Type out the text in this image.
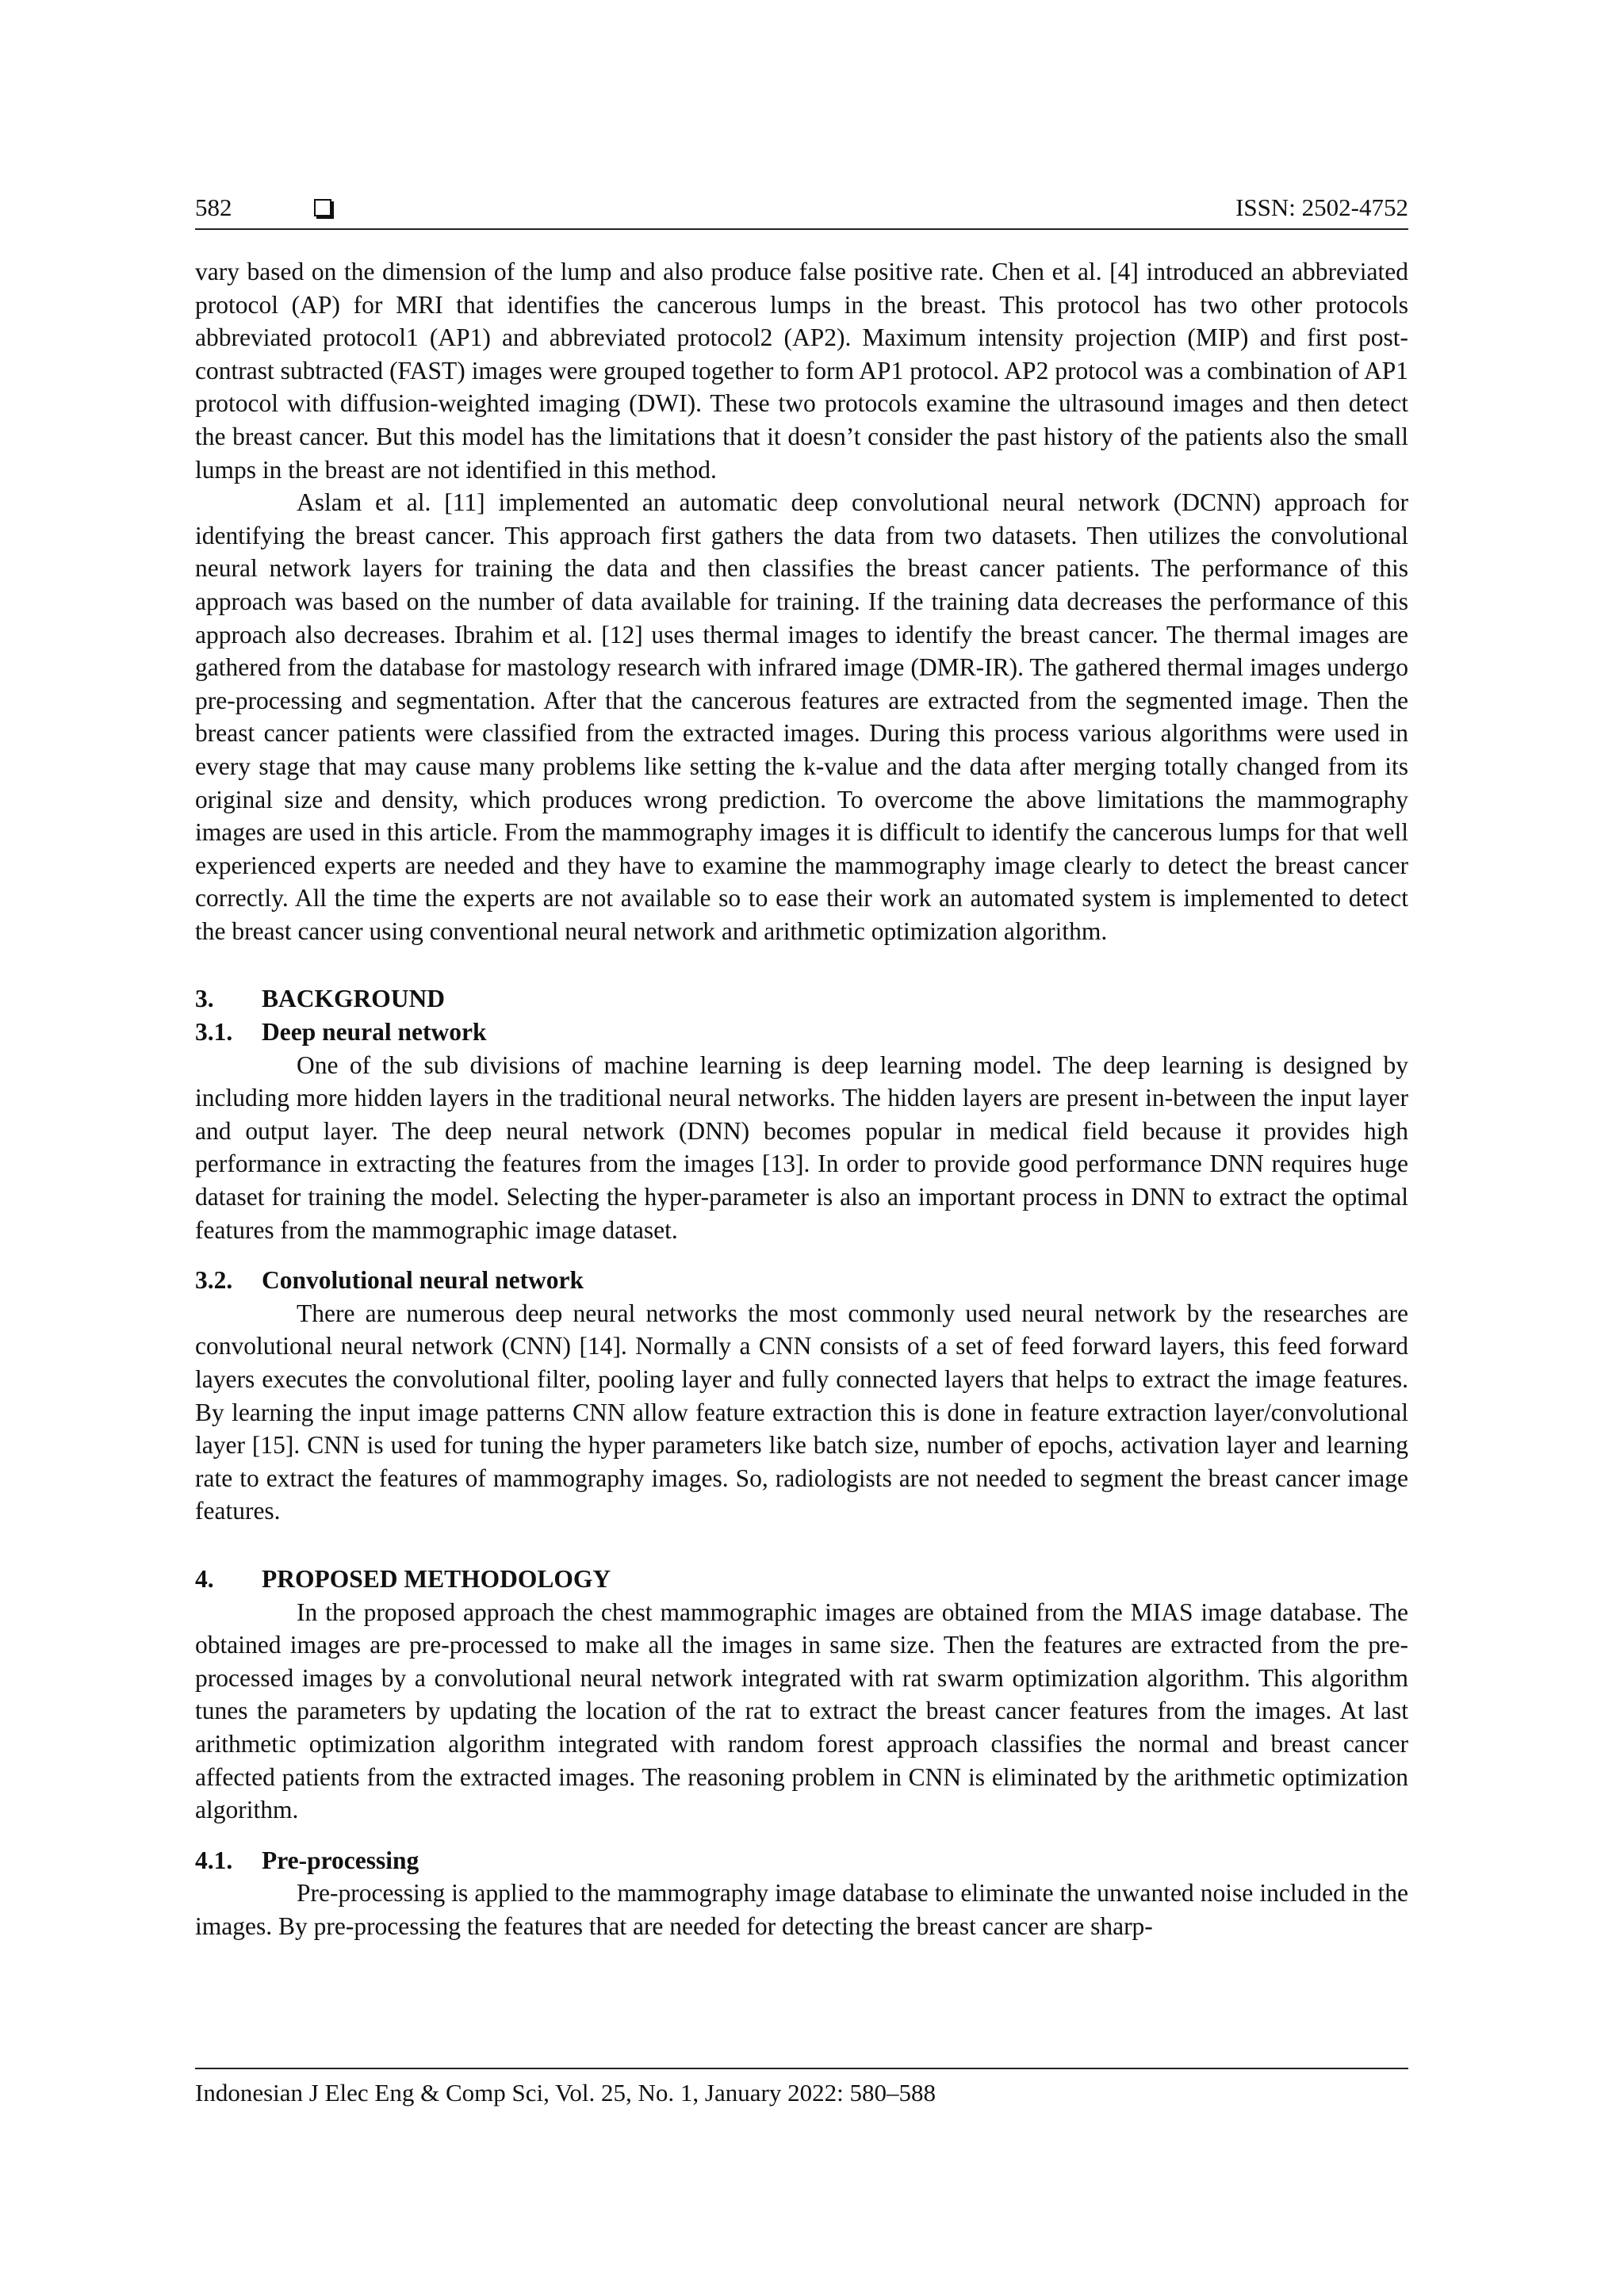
582	ISSN: 2502-4752

vary based on the dimension of the lump and also produce false positive rate. Chen et al. [4] introduced an abbreviated protocol (AP) for MRI that identifies the cancerous lumps in the breast. This protocol has two other protocols abbreviated protocol1 (AP1) and abbreviated protocol2 (AP2). Maximum intensity projection (MIP) and first post-contrast subtracted (FAST) images were grouped together to form AP1 protocol. AP2 protocol was a combination of AP1 protocol with diffusion-weighted imaging (DWI). These two protocols examine the ultrasound images and then detect the breast cancer. But this model has the limitations that it doesn’t consider the past history of the patients also the small lumps in the breast are not identified in this method.

Aslam et al. [11] implemented an automatic deep convolutional neural network (DCNN) approach for identifying the breast cancer. This approach first gathers the data from two datasets. Then utilizes the convolutional neural network layers for training the data and then classifies the breast cancer patients. The performance of this approach was based on the number of data available for training. If the training data decreases the performance of this approach also decreases. Ibrahim et al. [12] uses thermal images to identify the breast cancer. The thermal images are gathered from the database for mastology research with infrared image (DMR-IR). The gathered thermal images undergo pre-processing and segmentation. After that the cancerous features are extracted from the segmented image. Then the breast cancer patients were classified from the extracted images. During this process various algorithms were used in every stage that may cause many problems like setting the k-value and the data after merging totally changed from its original size and density, which produces wrong prediction. To overcome the above limitations the mammography images are used in this article. From the mammography images it is difficult to identify the cancerous lumps for that well experienced experts are needed and they have to examine the mammography image clearly to detect the breast cancer correctly. All the time the experts are not available so to ease their work an automated system is implemented to detect the breast cancer using conventional neural network and arithmetic optimization algorithm.

3. BACKGROUND
3.1. Deep neural network

One of the sub divisions of machine learning is deep learning model. The deep learning is designed by including more hidden layers in the traditional neural networks. The hidden layers are present in-between the input layer and output layer. The deep neural network (DNN) becomes popular in medical field because it provides high performance in extracting the features from the images [13]. In order to provide good performance DNN requires huge dataset for training the model. Selecting the hyper-parameter is also an important process in DNN to extract the optimal features from the mammographic image dataset.

3.2. Convolutional neural network

There are numerous deep neural networks the most commonly used neural network by the researches are convolutional neural network (CNN) [14]. Normally a CNN consists of a set of feed forward layers, this feed forward layers executes the convolutional filter, pooling layer and fully connected layers that helps to extract the image features. By learning the input image patterns CNN allow feature extraction this is done in feature extraction layer/convolutional layer [15]. CNN is used for tuning the hyper parameters like batch size, number of epochs, activation layer and learning rate to extract the features of mammography images. So, radiologists are not needed to segment the breast cancer image features.

4. PROPOSED METHODOLOGY

In the proposed approach the chest mammographic images are obtained from the MIAS image database. The obtained images are pre-processed to make all the images in same size. Then the features are extracted from the pre-processed images by a convolutional neural network integrated with rat swarm optimization algorithm. This algorithm tunes the parameters by updating the location of the rat to extract the breast cancer features from the images. At last arithmetic optimization algorithm integrated with random forest approach classifies the normal and breast cancer affected patients from the extracted images. The reasoning problem in CNN is eliminated by the arithmetic optimization algorithm.

4.1. Pre-processing

Pre-processing is applied to the mammography image database to eliminate the unwanted noise included in the images. By pre-processing the features that are needed for detecting the breast cancer are sharp-

Indonesian J Elec Eng & Comp Sci, Vol. 25, No. 1, January 2022: 580–588
